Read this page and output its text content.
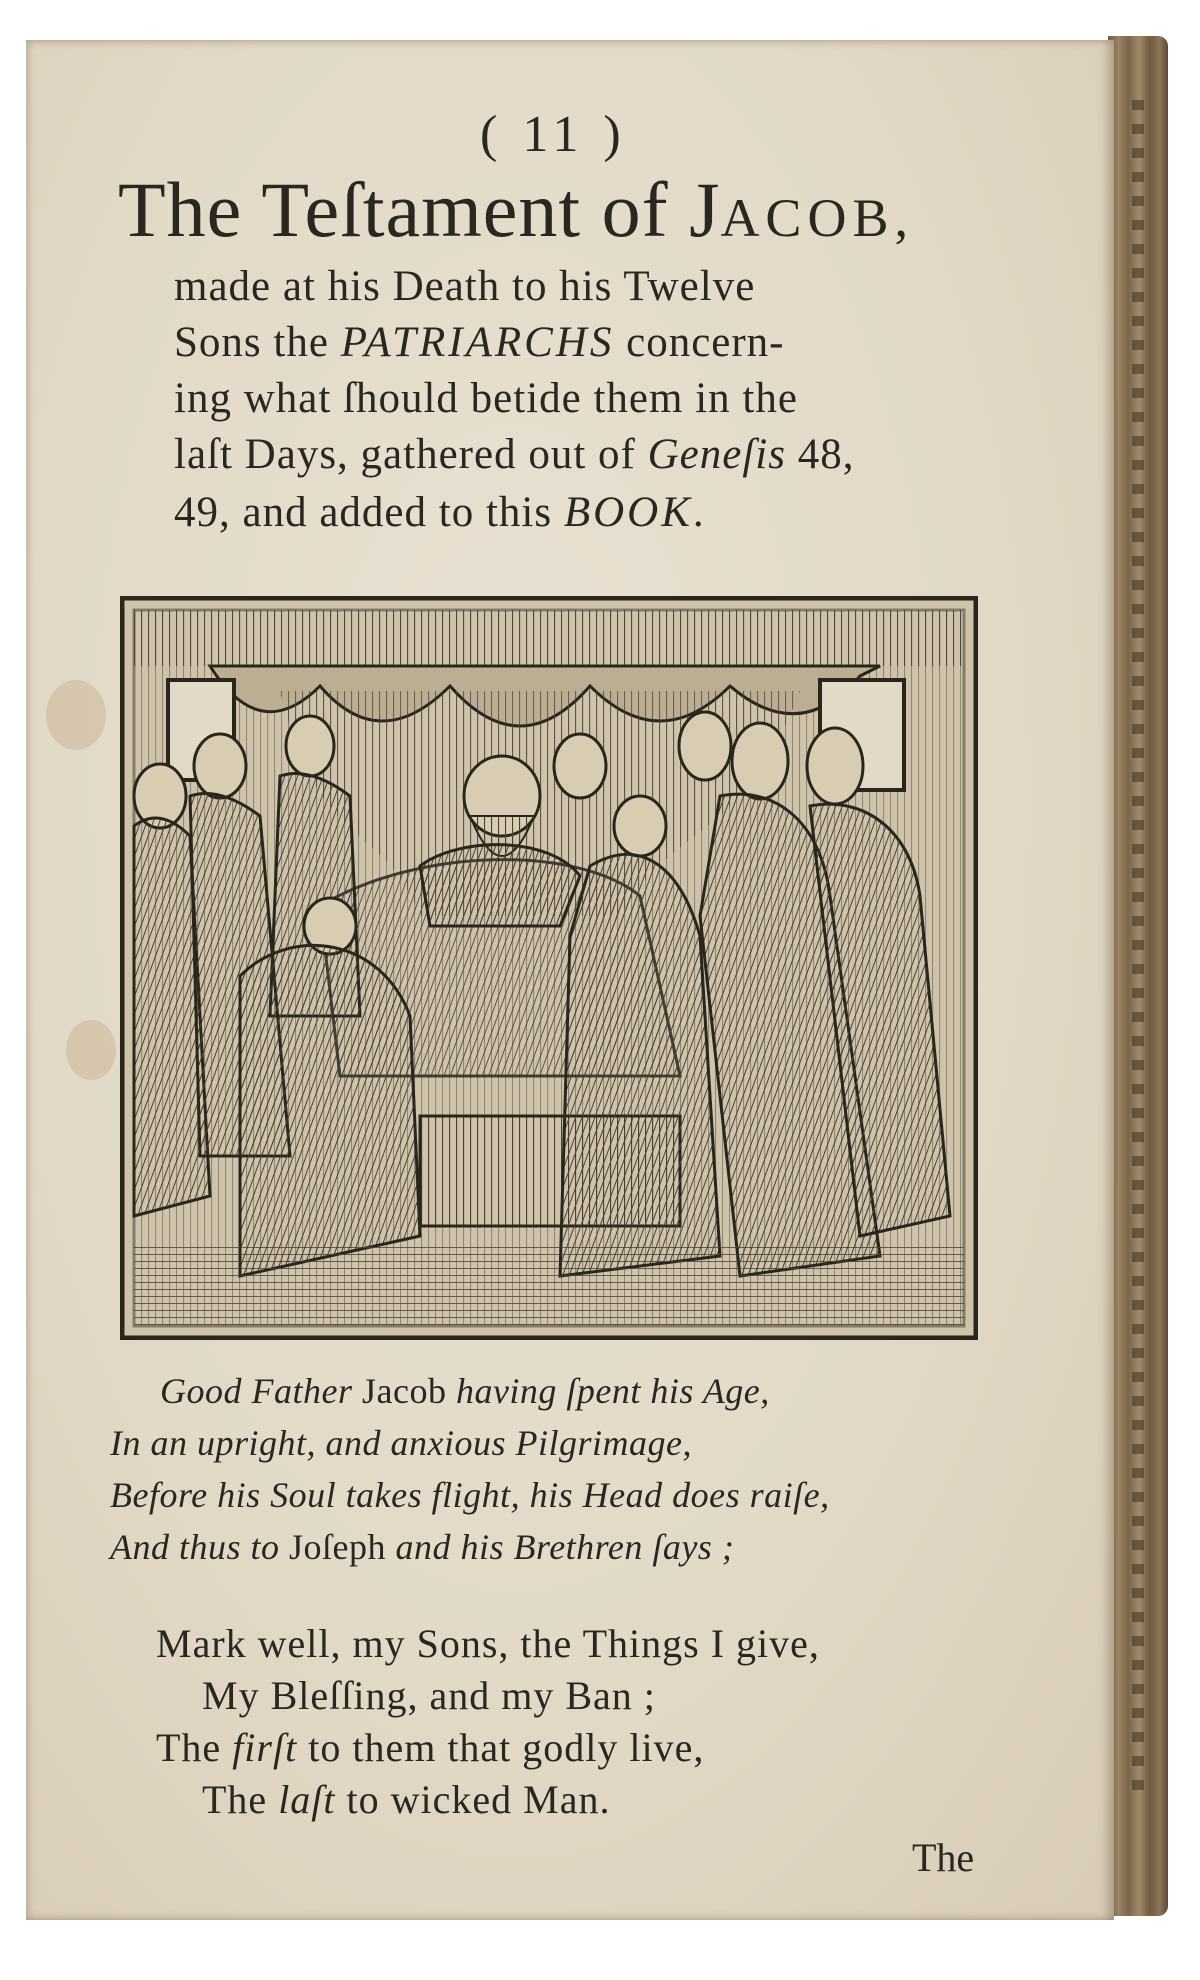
( 11 )
The Teſtament of JACOB,
made at his Death to his Twelve
Sons the PATRIARCHS concern-
ing what ſhould betide them in the
laſt Days, gathered out of Geneſis 48,
49, and added to this BOOK.
Good Father Jacob having ſpent his Age,
In an upright, and anxious Pilgrimage,
Before his Soul takes flight, his Head does raiſe,
And thus to Joſeph and his Brethren ſays ;
Mark well, my Sons, the Things I give,
My Bleſſing, and my Ban ;
The firſt to them that godly live,
The laſt to wicked Man.
The
